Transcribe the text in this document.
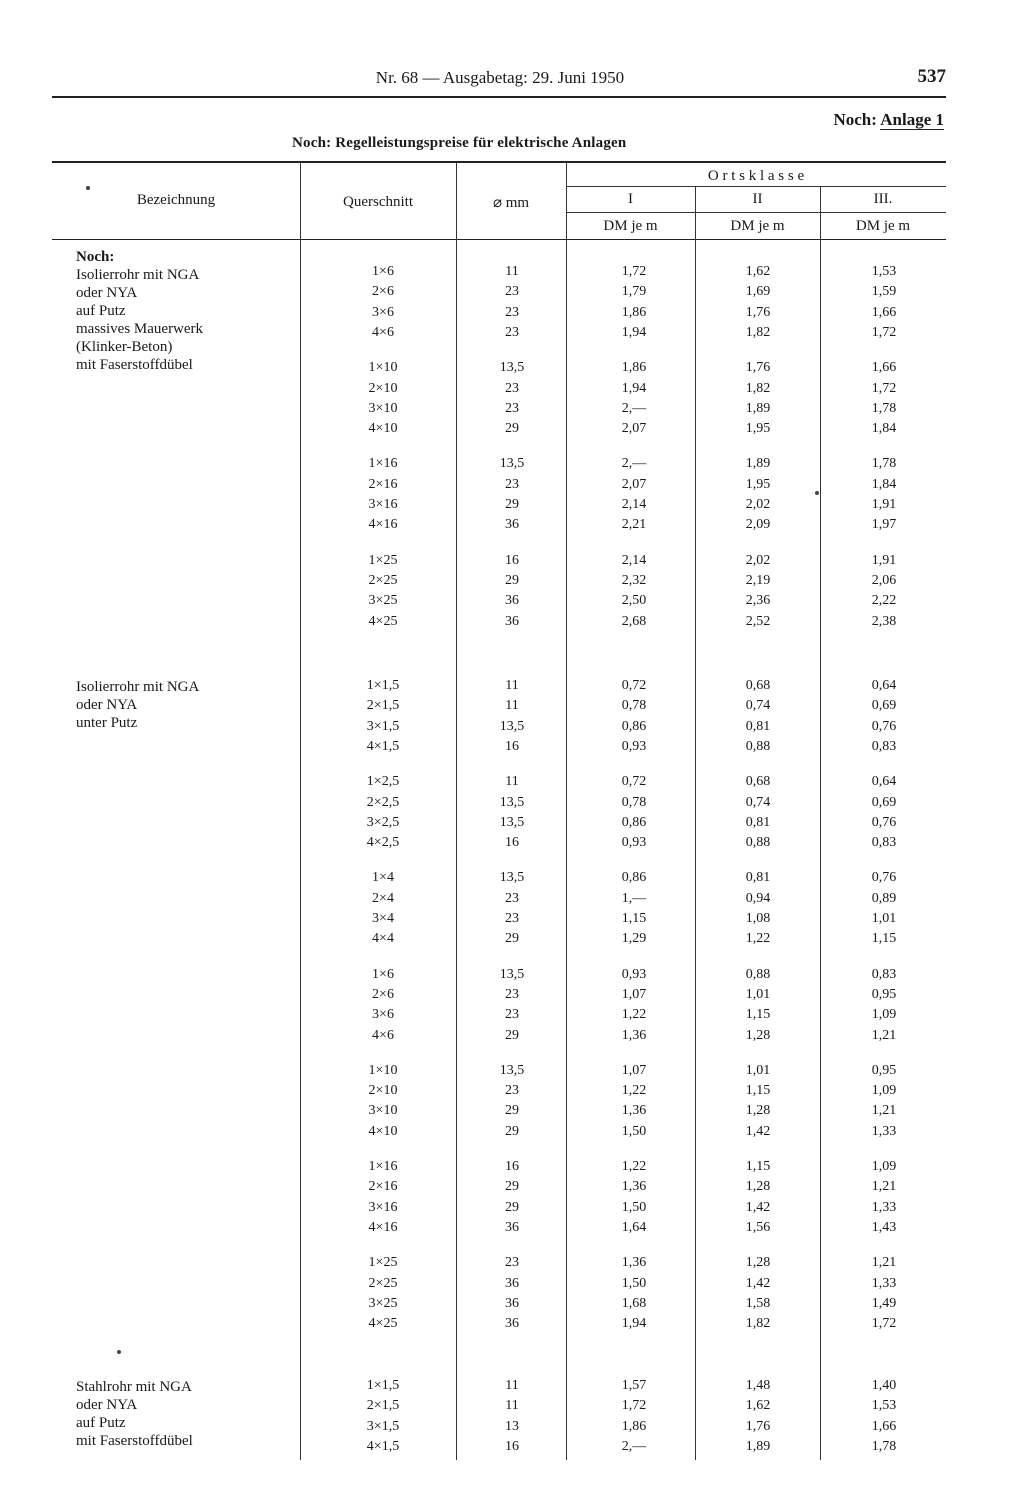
Nr. 68 — Ausgabetag: 29. Juni 1950	537
Noch: Anlage 1
Noch: Regelleistungspreise für elektrische Anlagen
Bezeichnung	Querschnitt	⌀ mm
O r t s k l a s s e
I	II	III.
DM je m	DM je m	DM je m
Noch:
Isolierrohr mit NGA
oder NYA
auf Putz
massives Mauerwerk
(Klinker-Beton)
mit Faserstoffdübel
1×6	11	1,72	1,62	1,53
2×6	23	1,79	1,69	1,59
3×6	23	1,86	1,76	1,66
4×6	23	1,94	1,82	1,72
1×10	13,5	1,86	1,76	1,66
2×10	23	1,94	1,82	1,72
3×10	23	2,—	1,89	1,78
4×10	29	2,07	1,95	1,84
1×16	13,5	2,—	1,89	1,78
2×16	23	2,07	1,95	1,84
3×16	29	2,14	2,02	1,91
4×16	36	2,21	2,09	1,97
1×25	16	2,14	2,02	1,91
2×25	29	2,32	2,19	2,06
3×25	36	2,50	2,36	2,22
4×25	36	2,68	2,52	2,38
Isolierrohr mit NGA
oder NYA
unter Putz
1×1,5	11	0,72	0,68	0,64
2×1,5	11	0,78	0,74	0,69
3×1,5	13,5	0,86	0,81	0,76
4×1,5	16	0,93	0,88	0,83
1×2,5	11	0,72	0,68	0,64
2×2,5	13,5	0,78	0,74	0,69
3×2,5	13,5	0,86	0,81	0,76
4×2,5	16	0,93	0,88	0,83
1×4	13,5	0,86	0,81	0,76
2×4	23	1,—	0,94	0,89
3×4	23	1,15	1,08	1,01
4×4	29	1,29	1,22	1,15
1×6	13,5	0,93	0,88	0,83
2×6	23	1,07	1,01	0,95
3×6	23	1,22	1,15	1,09
4×6	29	1,36	1,28	1,21
1×10	13,5	1,07	1,01	0,95
2×10	23	1,22	1,15	1,09
3×10	29	1,36	1,28	1,21
4×10	29	1,50	1,42	1,33
1×16	16	1,22	1,15	1,09
2×16	29	1,36	1,28	1,21
3×16	29	1,50	1,42	1,33
4×16	36	1,64	1,56	1,43
1×25	23	1,36	1,28	1,21
2×25	36	1,50	1,42	1,33
3×25	36	1,68	1,58	1,49
4×25	36	1,94	1,82	1,72
Stahlrohr mit NGA
oder NYA
auf Putz
mit Faserstoffdübel
1×1,5	11	1,57	1,48	1,40
2×1,5	11	1,72	1,62	1,53
3×1,5	13	1,86	1,76	1,66
4×1,5	16	2,—	1,89	1,78
